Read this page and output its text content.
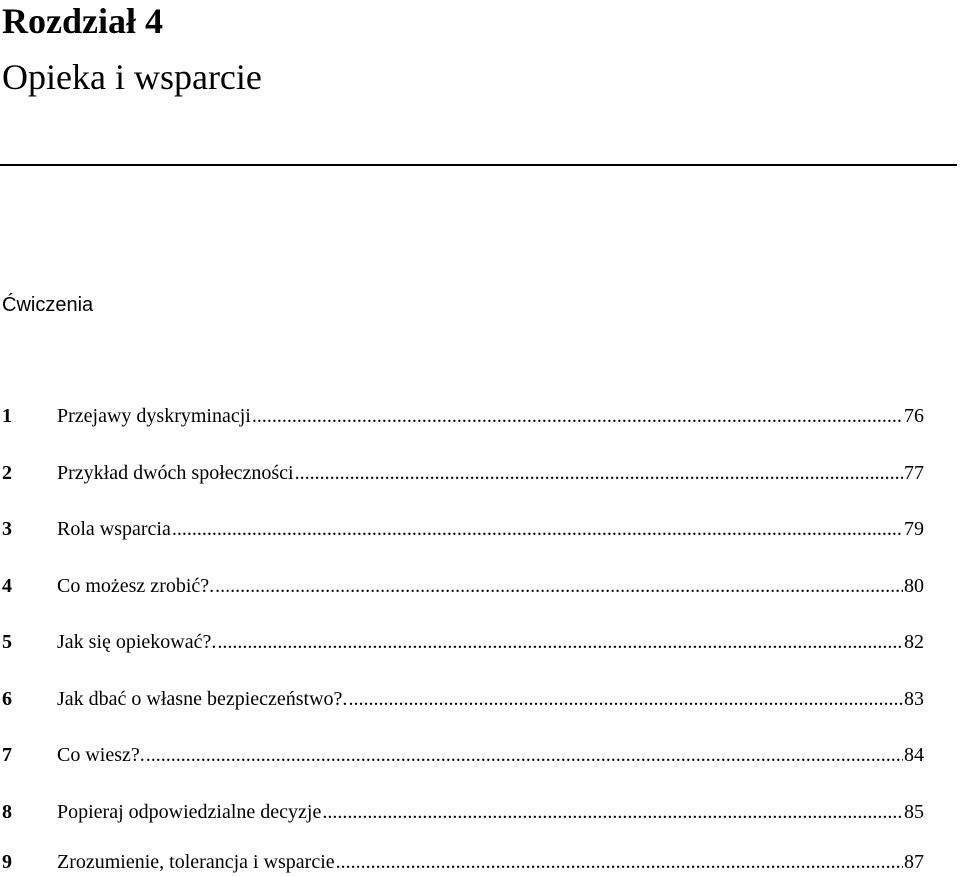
Rozdział 4
Opieka i wsparcie
Ćwiczenia
1 Przejawy dyskryminacji .....	76
2 Przykład dwóch społeczności .....	77
3 Rola wsparcia .....	79
4 Co możesz zrobić?. .....	80
5 Jak się opiekować?. .....	82
6 Jak dbać o własne bezpieczeństwo?. .....	83
7 Co wiesz?. .....	84
8 Popieraj odpowiedzialne decyzje .....	85
9 Zrozumienie, tolerancja i wsparcie .....	87
